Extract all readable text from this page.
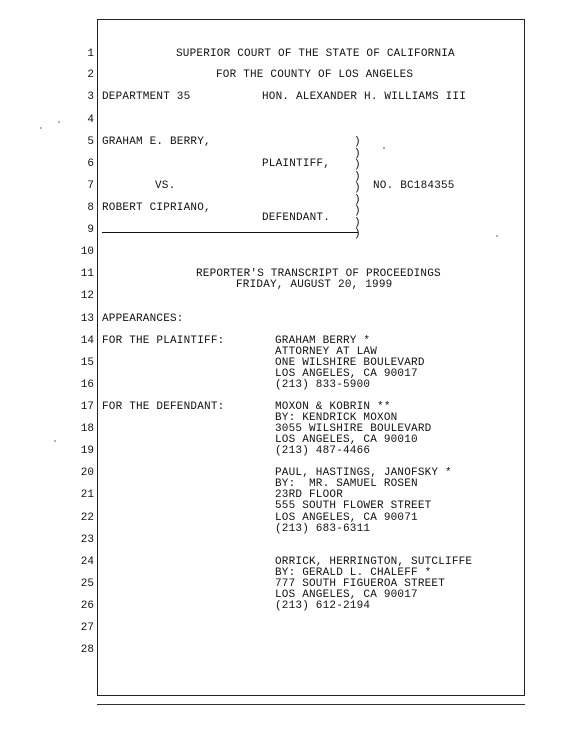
1
2
3
4
5
6
7
8
9
10
11
12
13
14
15
16
17
18
19
20
21
22
23
24
25
26
27
28
SUPERIOR COURT OF THE STATE OF CALIFORNIA
FOR THE COUNTY OF LOS ANGELES
DEPARTMENT 35	HON. ALEXANDER H. WILLIAMS III
GRAHAM E. BERRY,
PLAINTIFF,
VS.	NO. BC184355
ROBERT CIPRIANO,
DEFENDANT.
)
)
)
)
)
)
)
)
)
REPORTER'S TRANSCRIPT OF PROCEEDINGS
FRIDAY, AUGUST 20, 1999
APPEARANCES:
FOR THE PLAINTIFF:	GRAHAM BERRY *
ATTORNEY AT LAW
ONE WILSHIRE BOULEVARD
LOS ANGELES, CA 90017
(213) 833-5900
FOR THE DEFENDANT:	MOXON & KOBRIN **
BY: KENDRICK MOXON
3055 WILSHIRE BOULEVARD
LOS ANGELES, CA 90010
(213) 487-4466
PAUL, HASTINGS, JANOFSKY *
BY:  MR. SAMUEL ROSEN
23RD FLOOR
555 SOUTH FLOWER STREET
LOS ANGELES, CA 90071
(213) 683-6311
ORRICK, HERRINGTON, SUTCLIFFE
BY: GERALD L. CHALEFF *
777 SOUTH FIGUEROA STREET
LOS ANGELES, CA 90017
(213) 612-2194
